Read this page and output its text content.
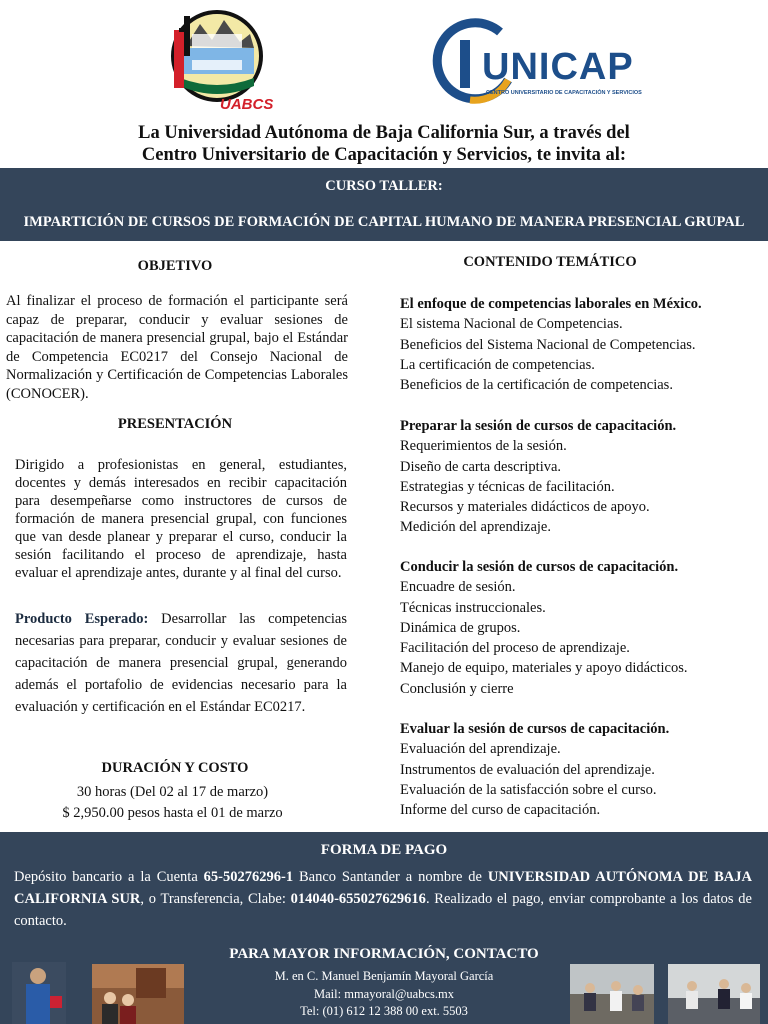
UABCS
UNICAP
CENTRO UNIVERSITARIO DE CAPACITACIÓN Y SERVICIOS
La Universidad Autónoma de Baja California Sur, a través del
Centro Universitario de Capacitación y Servicios, te invita al:
CURSO TALLER:
IMPARTICIÓN DE CURSOS DE FORMACIÓN DE CAPITAL HUMANO DE MANERA PRESENCIAL GRUPAL
OBJETIVO
Al finalizar el proceso de formación el participante será capaz de preparar, conducir y evaluar sesiones de capacitación de manera presencial grupal, bajo el Estándar de Competencia EC0217 del Consejo Nacional de Normalización y Certificación de Competencias Laborales (CONOCER).
PRESENTACIÓN
Dirigido a profesionistas en general, estudiantes, docentes y demás interesados en recibir capacitación para desempeñarse como instructores de cursos de formación de manera presencial grupal, con funciones que van desde planear y preparar el curso, conducir la sesión facilitando el proceso de aprendizaje, hasta evaluar el aprendizaje antes, durante y al final del curso.
Producto Esperado: Desarrollar las competencias necesarias para preparar, conducir y evaluar sesiones de capacitación de manera presencial grupal, generando además el portafolio de evidencias necesario para la evaluación y certificación en el Estándar EC0217.
DURACIÓN Y COSTO
30 horas (Del 02 al 17 de marzo)
$ 2,950.00 pesos hasta el 01 de marzo
CONTENIDO TEMÁTICO
El enfoque de competencias laborales en México.
El sistema Nacional de Competencias.
Beneficios del Sistema Nacional de Competencias.
La certificación de competencias.
Beneficios de la certificación de competencias.
Preparar la sesión de cursos de capacitación.
Requerimientos de la sesión.
Diseño de carta descriptiva.
Estrategias y técnicas de facilitación.
Recursos y materiales didácticos de apoyo.
Medición del aprendizaje.
Conducir la sesión de cursos de capacitación.
Encuadre de sesión.
Técnicas instruccionales.
Dinámica de grupos.
Facilitación del proceso de aprendizaje.
Manejo de equipo, materiales y apoyo didácticos.
Conclusión y cierre
Evaluar la sesión de cursos de capacitación.
Evaluación del aprendizaje.
Instrumentos de evaluación del aprendizaje.
Evaluación de la satisfacción sobre el curso.
Informe del curso de capacitación.
FORMA DE PAGO
Depósito bancario a la Cuenta 65-50276296-1 Banco Santander a nombre de UNIVERSIDAD AUTÓNOMA DE BAJA CALIFORNIA SUR, o Transferencia, Clabe: 014040-655027629616. Realizado el pago, enviar comprobante a los datos de contacto.
PARA MAYOR INFORMACIÓN, CONTACTO
M. en C. Manuel Benjamín Mayoral García
Mail: mmayoral@uabcs.mx
Tel: (01) 612 12 388 00 ext. 5503
